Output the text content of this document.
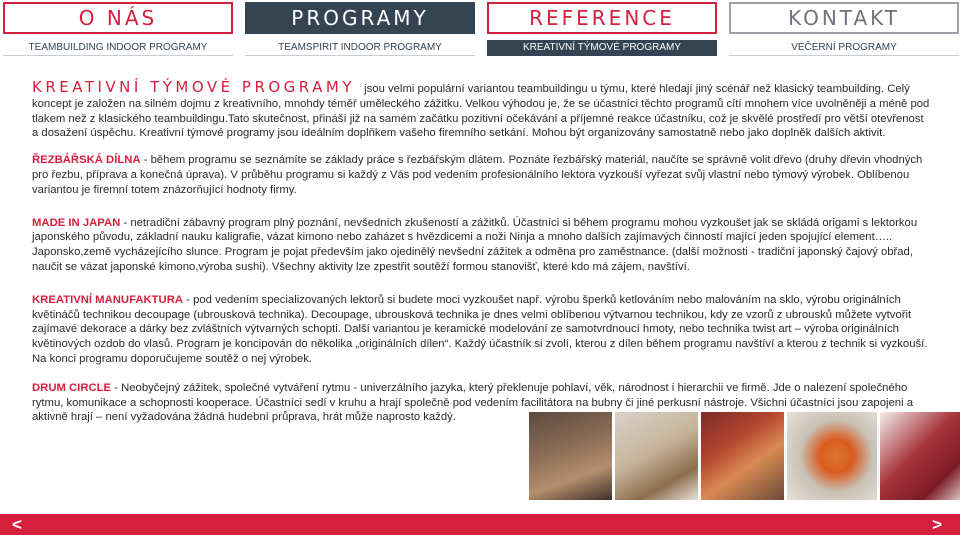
O NÁS	PROGRAMY	REFERENCE	KONTAKT
TEAMBUILDING INDOOR PROGRAMY	TEAMSPIRIT INDOOR PROGRAMY	KREATIVNÍ TÝMOVÉ PROGRAMY	VEČERNÍ PROGRAMY

KREATIVNÍ TÝMOVÉ PROGRAMY jsou velmi populární variantou teambuildingu u týmu, které hledají jiný scénář než klasický teambuilding. Celý koncept je založen na silném dojmu z kreativního, mnohdy téměř uměleckého zážitku. Velkou výhodou je, že se účastníci těchto programů cítí mnohem více uvolněněji a méně pod tlakem než z klasického teambuildingu.Tato skutečnost, přináší již na samém začátku pozitivní očekávání a příjemné reakce účastníku, což je skvělé prostředí pro větší otevřenost a dosažení úspěchu. Kreativní týmové programy jsou ideálním doplňkem vašeho firemního setkání. Mohou být organizovány samostatně nebo jako doplněk dalších aktivit.

ŘEZBÁŘSKÁ DÍLNA - během programu se seznámíte se základy práce s řezbářským dlátem. Poznáte řezbářský materiál, naučíte se správně volit dřevo (druhy dřevin vhodných pro řezbu, příprava a konečná úprava). V průběhu programu si každý z Vás pod vedením profesionálního lektora vyzkouší vyřezat svůj vlastní nebo týmový výrobek. Oblíbenou variantou je firemní totem znázorňující hodnoty firmy.

MADE IN JAPAN - netradiční zábavný program plný poznání, nevšedních zkušeností a zážitků. Účastníci si během programu mohou vyzkoušet jak se skládá origami s lektorkou japonského původu, základní nauku kaligrafie, vázat kimono nebo zaházet s hvězdicemi a noži Ninja a mnoho dalších zajímavých činností mající jeden spojující element….. Japonsko,země vycházejícího slunce. Program je pojat především jako ojedinělý nevšední zážitek a odměna pro zaměstnance. (další možnosti - tradiční japonský čajový obřad, naučit se vázat japonské kimono,výroba sushi). Všechny aktivity lze zpestřit soutěží formou stanovišť, které kdo má zájem, navštíví.

KREATIVNÍ MANUFAKTURA - pod vedením specializovaných lektorů si budete moci vyzkoušet např. výrobu šperků ketlováním nebo malováním na sklo, výrobu originálních květináčů technikou decoupage (ubrousková technika). Decoupage, ubrousková technika je dnes velmi oblíbenou výtvarnou technikou, kdy ze vzorů z ubrousků můžete vytvořit zajímavé dekorace a dárky bez zvláštních výtvarných schopti. Další variantou je keramické modelování ze samotvrdnoucí hmoty, nebo technika twist art – výroba originálních květinových ozdob do vlasů. Program je koncipován do několika „originálních dílen“. Každý účastník si zvolí, kterou z dílen během programu navštíví a kterou z technik si vyzkouší. Na konci programu doporučujeme soutěž o nej výrobek.

DRUM CIRCLE - Neobyčejný zážitek, společné vytváření rytmu - univerzálního jazyka, který překlenuje pohlaví, věk, národnost i hierarchii ve firmě. Jde o nalezení společného rytmu, komunikace a schopnosti kooperace. Účastníci sedí v kruhu a hrají společně pod vedením facilitátora na bubny či jiné perkusní nástroje. Všichni účastníci jsou zapojeni a aktivně hrají – není vyžadována žádná hudební průprava, hrát může naprosto každý.

<	>
